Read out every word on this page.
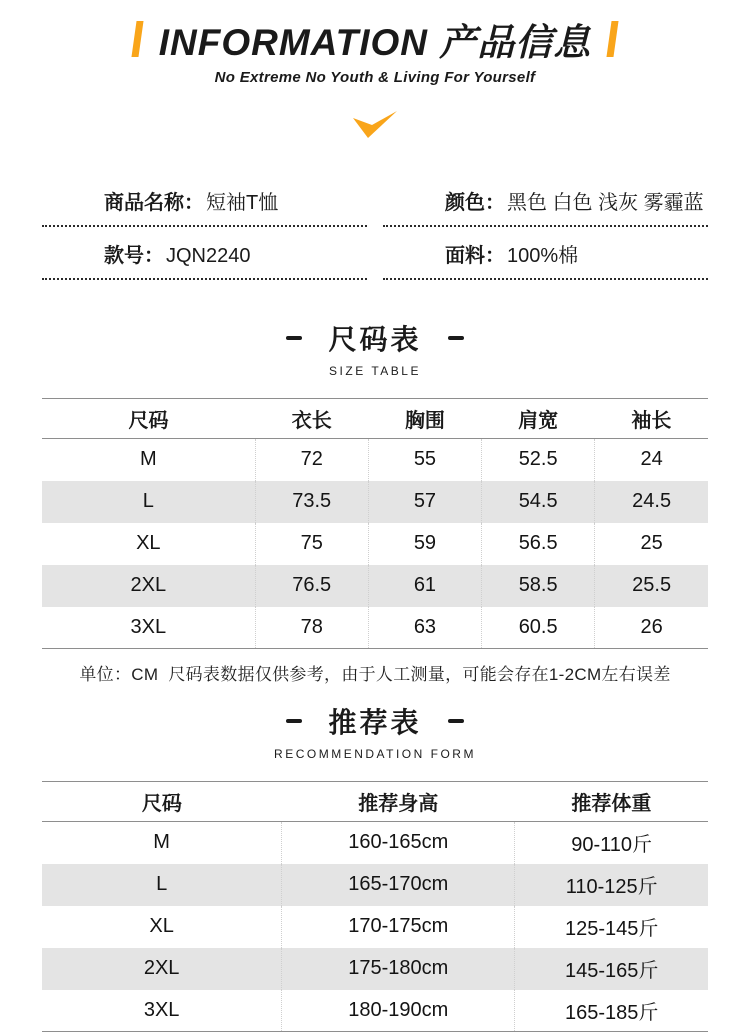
INFORMATION 产品信息
No Extreme No Youth & Living For Yourself
商品名称： 短袖T恤	颜色： 黑色 白色 浅灰 雾霾蓝
款号： JQN2240	面料： 100%棉
尺码表
SIZE TABLE
尺码	衣长	胸围	肩宽	袖长
M	72	55	52.5	24
L	73.5	57	54.5	24.5
XL	75	59	56.5	25
2XL	76.5	61	58.5	25.5
3XL	78	63	60.5	26

单位：CM  尺码表数据仅供参考，由于人工测量，可能会存在1-2CM左右误差

推荐表
RECOMMENDATION FORM
尺码	推荐身高	推荐体重
M	160-165cm	90-110斤
L	165-170cm	110-125斤
XL	170-175cm	125-145斤
2XL	175-180cm	145-165斤
3XL	180-190cm	165-185斤
